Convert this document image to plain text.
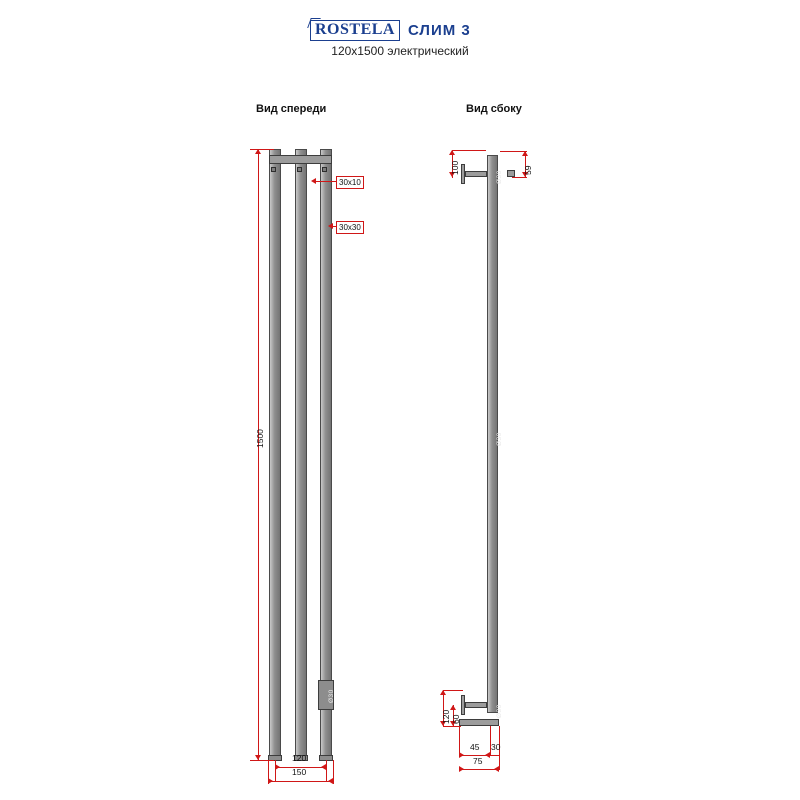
ROSTELA СЛИМ 3
120x1500 электрический
Вид спереди	Вид сбоку
Ø30
30x10
30x30
1500
120
150
Ø30
Ø30
Ø30
100	59
120 60
45 30
75
